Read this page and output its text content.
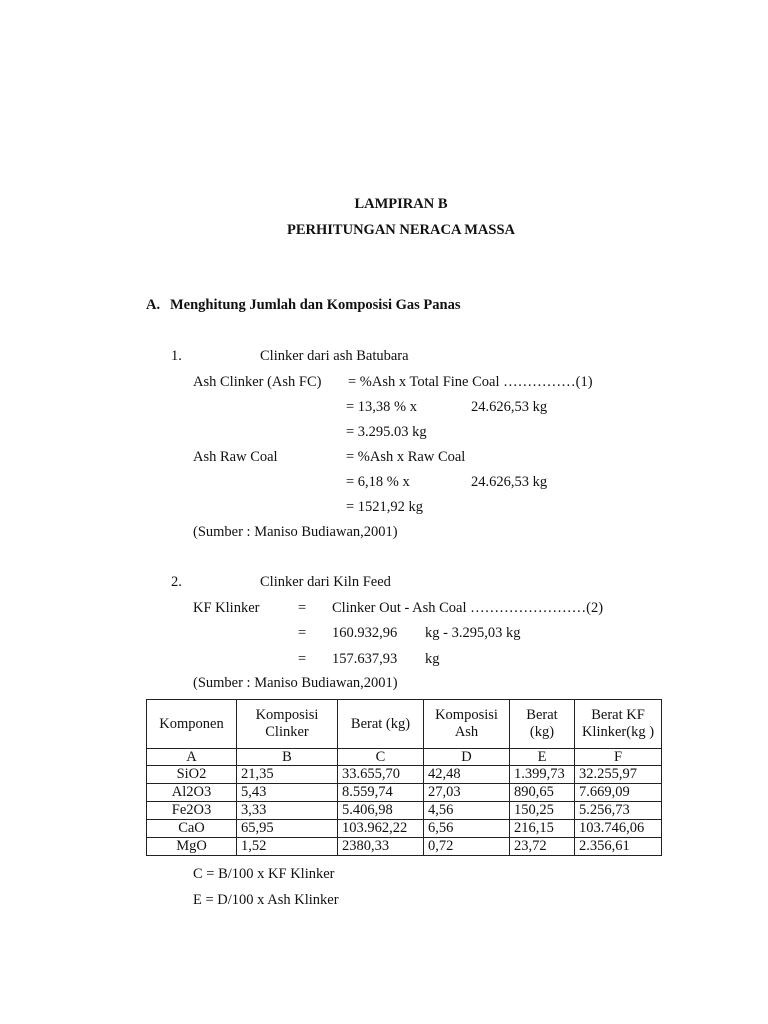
LAMPIRAN B
PERHITUNGAN NERACA MASSA
A. Menghitung Jumlah dan Komposisi Gas Panas
1.	Clinker dari ash Batubara
Ash Clinker (Ash FC) = %Ash x Total Fine Coal ……………(1)
= 13,38 % x	24.626,53 kg
= 3.295.03 kg
Ash Raw Coal	= %Ash x Raw Coal
= 6,18 % x	24.626,53 kg
= 1521,92 kg
(Sumber : Maniso Budiawan,2001)
2.	Clinker dari Kiln Feed
KF Klinker	= Clinker Out - Ash Coal ……………………(2)
= 160.932,96 kg - 3.295,03 kg
= 157.637,93 kg
(Sumber : Maniso Budiawan,2001)
Komponen	Komposisi Clinker	Berat (kg)	Komposisi Ash	Berat (kg)	Berat KF Klinker(kg )
A	B	C	D	E	F
SiO2	21,35	33.655,70	42,48	1.399,73	32.255,97
Al2O3	5,43	8.559,74	27,03	890,65	7.669,09
Fe2O3	3,33	5.406,98	4,56	150,25	5.256,73
CaO	65,95	103.962,22	6,56	216,15	103.746,06
MgO	1,52	2380,33	0,72	23,72	2.356,61
C = B/100 x KF Klinker
E = D/100 x Ash Klinker
